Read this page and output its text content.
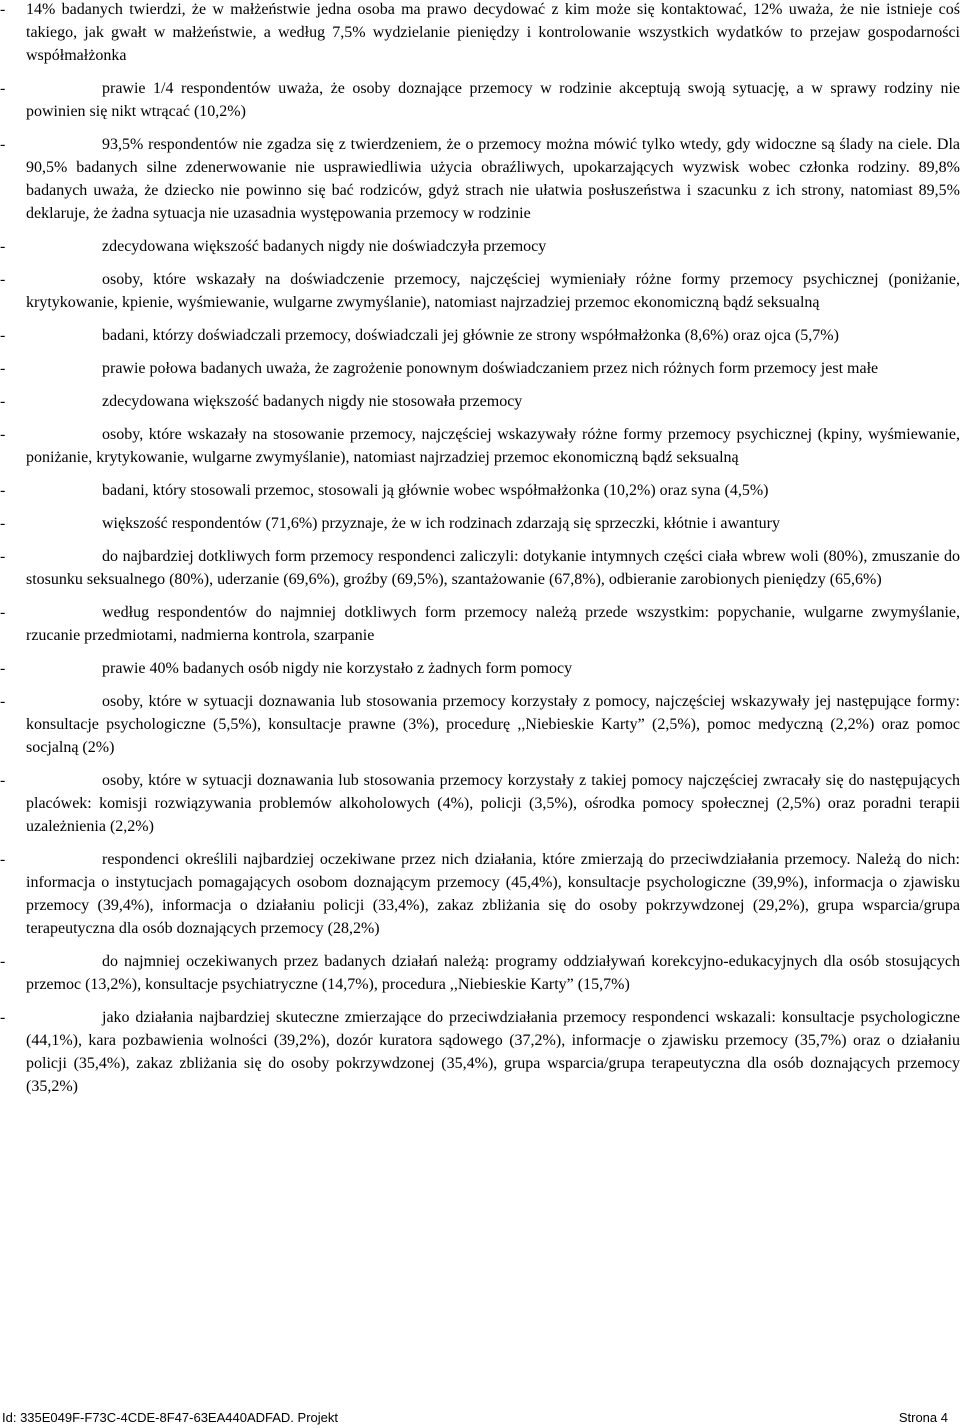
- 14% badanych twierdzi, że w małżeństwie jedna osoba ma prawo decydować z kim może się kontaktować, 12% uważa, że nie istnieje coś takiego, jak gwałt w małżeństwie, a według 7,5% wydzielanie pieniędzy i kontrolowanie wszystkich wydatków to przejaw gospodarności współmałżonka
-	prawie 1/4 respondentów uważa, że osoby doznające przemocy w rodzinie akceptują swoją sytuację, a w sprawy rodziny nie powinien się nikt wtrącać (10,2%)
-	93,5% respondentów nie zgadza się z twierdzeniem, że o przemocy można mówić tylko wtedy, gdy widoczne są ślady na ciele. Dla 90,5% badanych silne zdenerwowanie nie usprawiedliwia użycia obraźliwych, upokarzających wyzwisk wobec członka rodziny. 89,8% badanych uważa, że dziecko nie powinno się bać rodziców, gdyż strach nie ułatwia posłuszeństwa i szacunku z ich strony, natomiast 89,5% deklaruje, że żadna sytuacja nie uzasadnia występowania przemocy w rodzinie
-	zdecydowana większość badanych nigdy nie doświadczyła przemocy
-	osoby, które wskazały na doświadczenie przemocy, najczęściej wymieniały różne formy przemocy psychicznej (poniżanie, krytykowanie, kpienie, wyśmiewanie, wulgarne zwymyślanie), natomiast najrzadziej przemoc ekonomiczną bądź seksualną
-	badani, którzy doświadczali przemocy, doświadczali jej głównie ze strony współmałżonka (8,6%) oraz ojca (5,7%)
-	prawie połowa badanych uważa, że zagrożenie ponownym doświadczaniem przez nich różnych form przemocy jest małe
-	zdecydowana większość badanych nigdy nie stosowała przemocy
-	osoby, które wskazały na stosowanie przemocy, najczęściej wskazywały różne formy przemocy psychicznej (kpiny, wyśmiewanie, poniżanie, krytykowanie, wulgarne zwymyślanie), natomiast najrzadziej przemoc ekonomiczną bądź seksualną
-	badani, który stosowali przemoc, stosowali ją głównie wobec współmałżonka (10,2%) oraz syna (4,5%)
-	większość respondentów (71,6%) przyznaje, że w ich rodzinach zdarzają się sprzeczki, kłótnie i awantury
-	do najbardziej dotkliwych form przemocy respondenci zaliczyli: dotykanie intymnych części ciała wbrew woli (80%), zmuszanie do stosunku seksualnego (80%), uderzanie (69,6%), groźby (69,5%), szantażowanie (67,8%), odbieranie zarobionych pieniędzy (65,6%)
-	według respondentów do najmniej dotkliwych form przemocy należą przede wszystkim: popychanie, wulgarne zwymyślanie, rzucanie przedmiotami, nadmierna kontrola, szarpanie
-	prawie 40% badanych osób nigdy nie korzystało z żadnych form pomocy
-	osoby, które w sytuacji doznawania lub stosowania przemocy korzystały z pomocy, najczęściej wskazywały jej następujące formy: konsultacje psychologiczne (5,5%), konsultacje prawne (3%), procedurę ,,Niebieskie Karty” (2,5%), pomoc medyczną (2,2%) oraz pomoc socjalną (2%)
-	osoby, które w sytuacji doznawania lub stosowania przemocy korzystały z takiej pomocy najczęściej zwracały się do następujących placówek: komisji rozwiązywania problemów alkoholowych (4%), policji (3,5%), ośrodka pomocy społecznej (2,5%) oraz poradni terapii uzależnienia (2,2%)
-	respondenci określili najbardziej oczekiwane przez nich działania, które zmierzają do przeciwdziałania przemocy. Należą do nich: informacja o instytucjach pomagających osobom doznającym przemocy (45,4%), konsultacje psychologiczne (39,9%), informacja o zjawisku przemocy (39,4%), informacja o działaniu policji (33,4%), zakaz zbliżania się do osoby pokrzywdzonej (29,2%), grupa wsparcia/grupa terapeutyczna dla osób doznających przemocy (28,2%)
-	do najmniej oczekiwanych przez badanych działań należą: programy oddziaływań korekcyjno-edukacyjnych dla osób stosujących przemoc (13,2%), konsultacje psychiatryczne (14,7%), procedura ,,Niebieskie Karty” (15,7%)
-	jako działania najbardziej skuteczne zmierzające do przeciwdziałania przemocy respondenci wskazali: konsultacje psychologiczne (44,1%), kara pozbawienia wolności (39,2%), dozór kuratora sądowego (37,2%), informacje o zjawisku przemocy (35,7%) oraz o działaniu policji (35,4%), zakaz zbliżania się do osoby pokrzywdzonej (35,4%), grupa wsparcia/grupa terapeutyczna dla osób doznających przemocy (35,2%)
Id: 335E049F-F73C-4CDE-8F47-63EA440ADFAD. Projekt	Strona 4
